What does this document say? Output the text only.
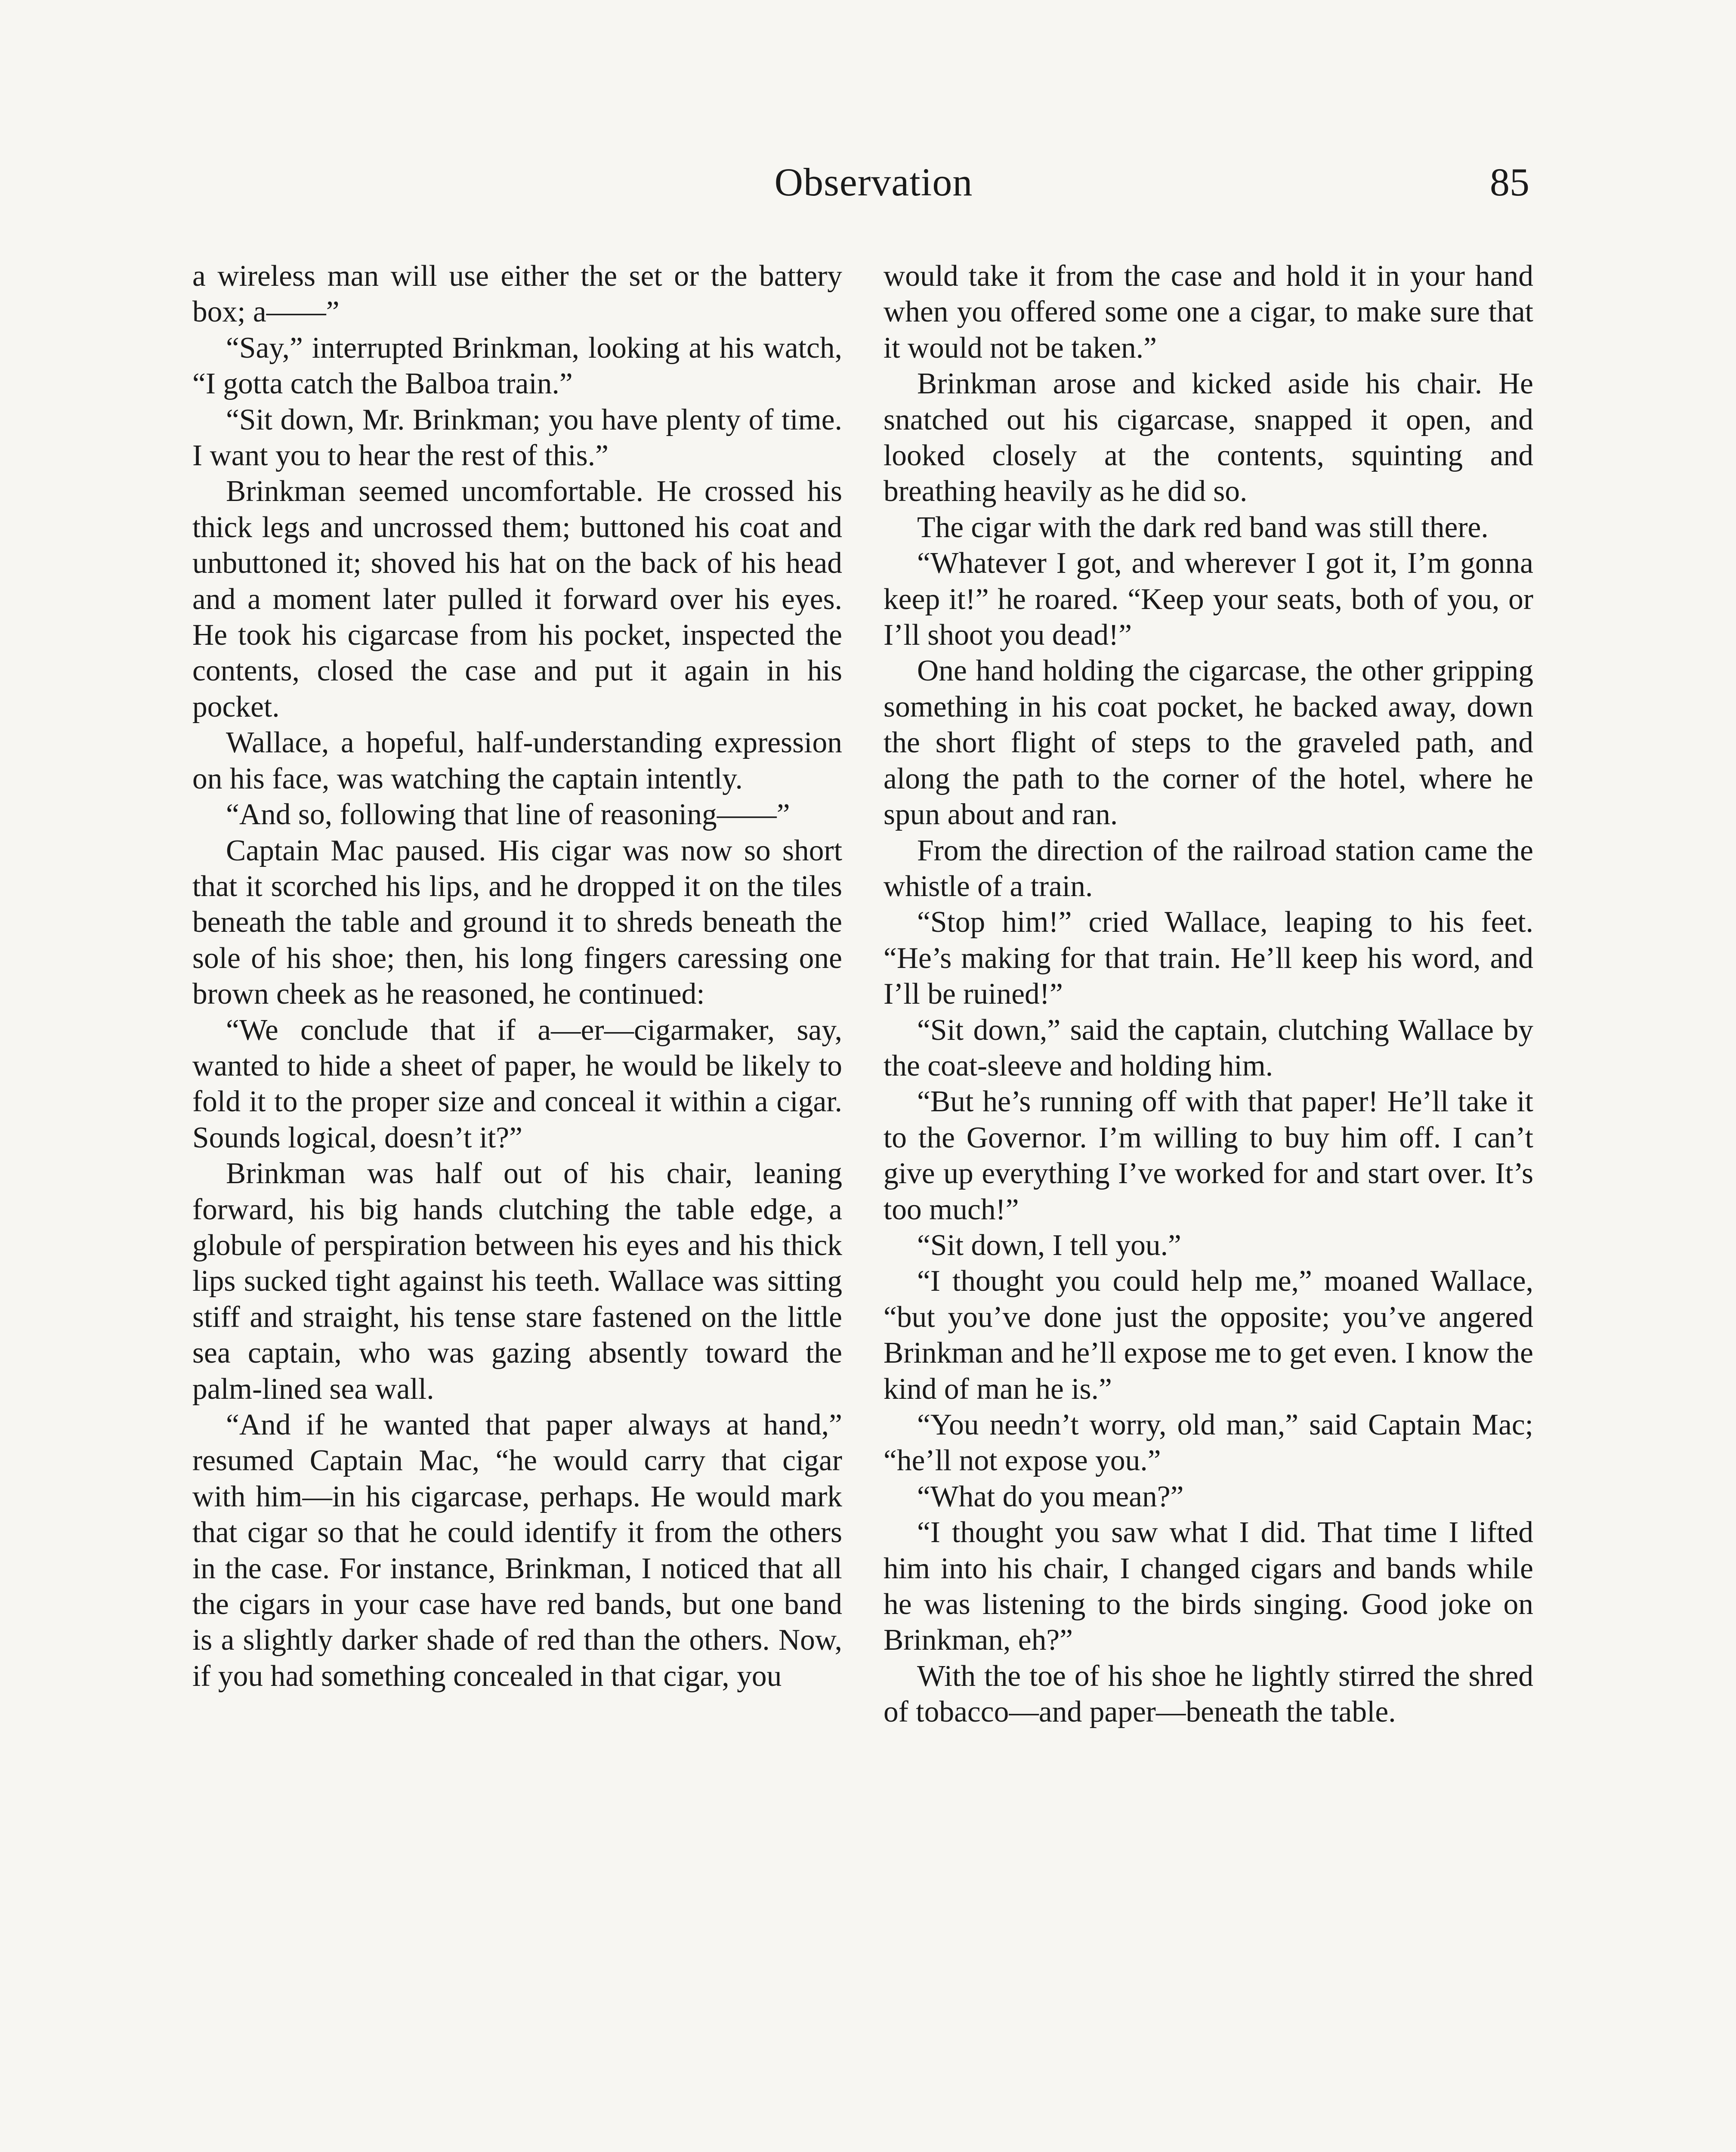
Observation	85

a wireless man will use either the set or the battery box; a——”

“Say,” interrupted Brinkman, looking at his watch, “I gotta catch the Balboa train.”

“Sit down, Mr. Brinkman; you have plenty of time. I want you to hear the rest of this.”

Brinkman seemed uncomfortable. He crossed his thick legs and uncrossed them; buttoned his coat and unbuttoned it; shoved his hat on the back of his head and a moment later pulled it forward over his eyes. He took his cigarcase from his pocket, inspected the contents, closed the case and put it again in his pocket.

Wallace, a hopeful, half-understanding expression on his face, was watching the captain intently.

“And so, following that line of reasoning——”

Captain Mac paused. His cigar was now so short that it scorched his lips, and he dropped it on the tiles beneath the table and ground it to shreds beneath the sole of his shoe; then, his long fingers caressing one brown cheek as he reasoned, he continued:

“We conclude that if a—er—cigarmaker, say, wanted to hide a sheet of paper, he would be likely to fold it to the proper size and conceal it within a cigar. Sounds logical, doesn’t it?”

Brinkman was half out of his chair, leaning forward, his big hands clutching the table edge, a globule of perspiration between his eyes and his thick lips sucked tight against his teeth. Wallace was sitting stiff and straight, his tense stare fastened on the little sea captain, who was gazing absently toward the palm-lined sea wall.

“And if he wanted that paper always at hand,” resumed Captain Mac, “he would carry that cigar with him—in his cigarcase, perhaps. He would mark that cigar so that he could identify it from the others in the case. For instance, Brinkman, I noticed that all the cigars in your case have red bands, but one band is a slightly darker shade of red than the others. Now, if you had something concealed in that cigar, you

would take it from the case and hold it in your hand when you offered some one a cigar, to make sure that it would not be taken.”

Brinkman arose and kicked aside his chair. He snatched out his cigarcase, snapped it open, and looked closely at the contents, squinting and breathing heavily as he did so.

The cigar with the dark red band was still there.

“Whatever I got, and wherever I got it, I’m gonna keep it!” he roared. “Keep your seats, both of you, or I’ll shoot you dead!”

One hand holding the cigarcase, the other gripping something in his coat pocket, he backed away, down the short flight of steps to the graveled path, and along the path to the corner of the hotel, where he spun about and ran.

From the direction of the railroad station came the whistle of a train.

“Stop him!” cried Wallace, leaping to his feet. “He’s making for that train. He’ll keep his word, and I’ll be ruined!”

“Sit down,” said the captain, clutching Wallace by the coat-sleeve and holding him.

“But he’s running off with that paper! He’ll take it to the Governor. I’m willing to buy him off. I can’t give up everything I’ve worked for and start over. It’s too much!”

“Sit down, I tell you.”

“I thought you could help me,” moaned Wallace, “but you’ve done just the opposite; you’ve angered Brinkman and he’ll expose me to get even. I know the kind of man he is.”

“You needn’t worry, old man,” said Captain Mac; “he’ll not expose you.”

“What do you mean?”

“I thought you saw what I did. That time I lifted him into his chair, I changed cigars and bands while he was listening to the birds singing. Good joke on Brinkman, eh?”

With the toe of his shoe he lightly stirred the shred of tobacco—and paper—beneath the table.
